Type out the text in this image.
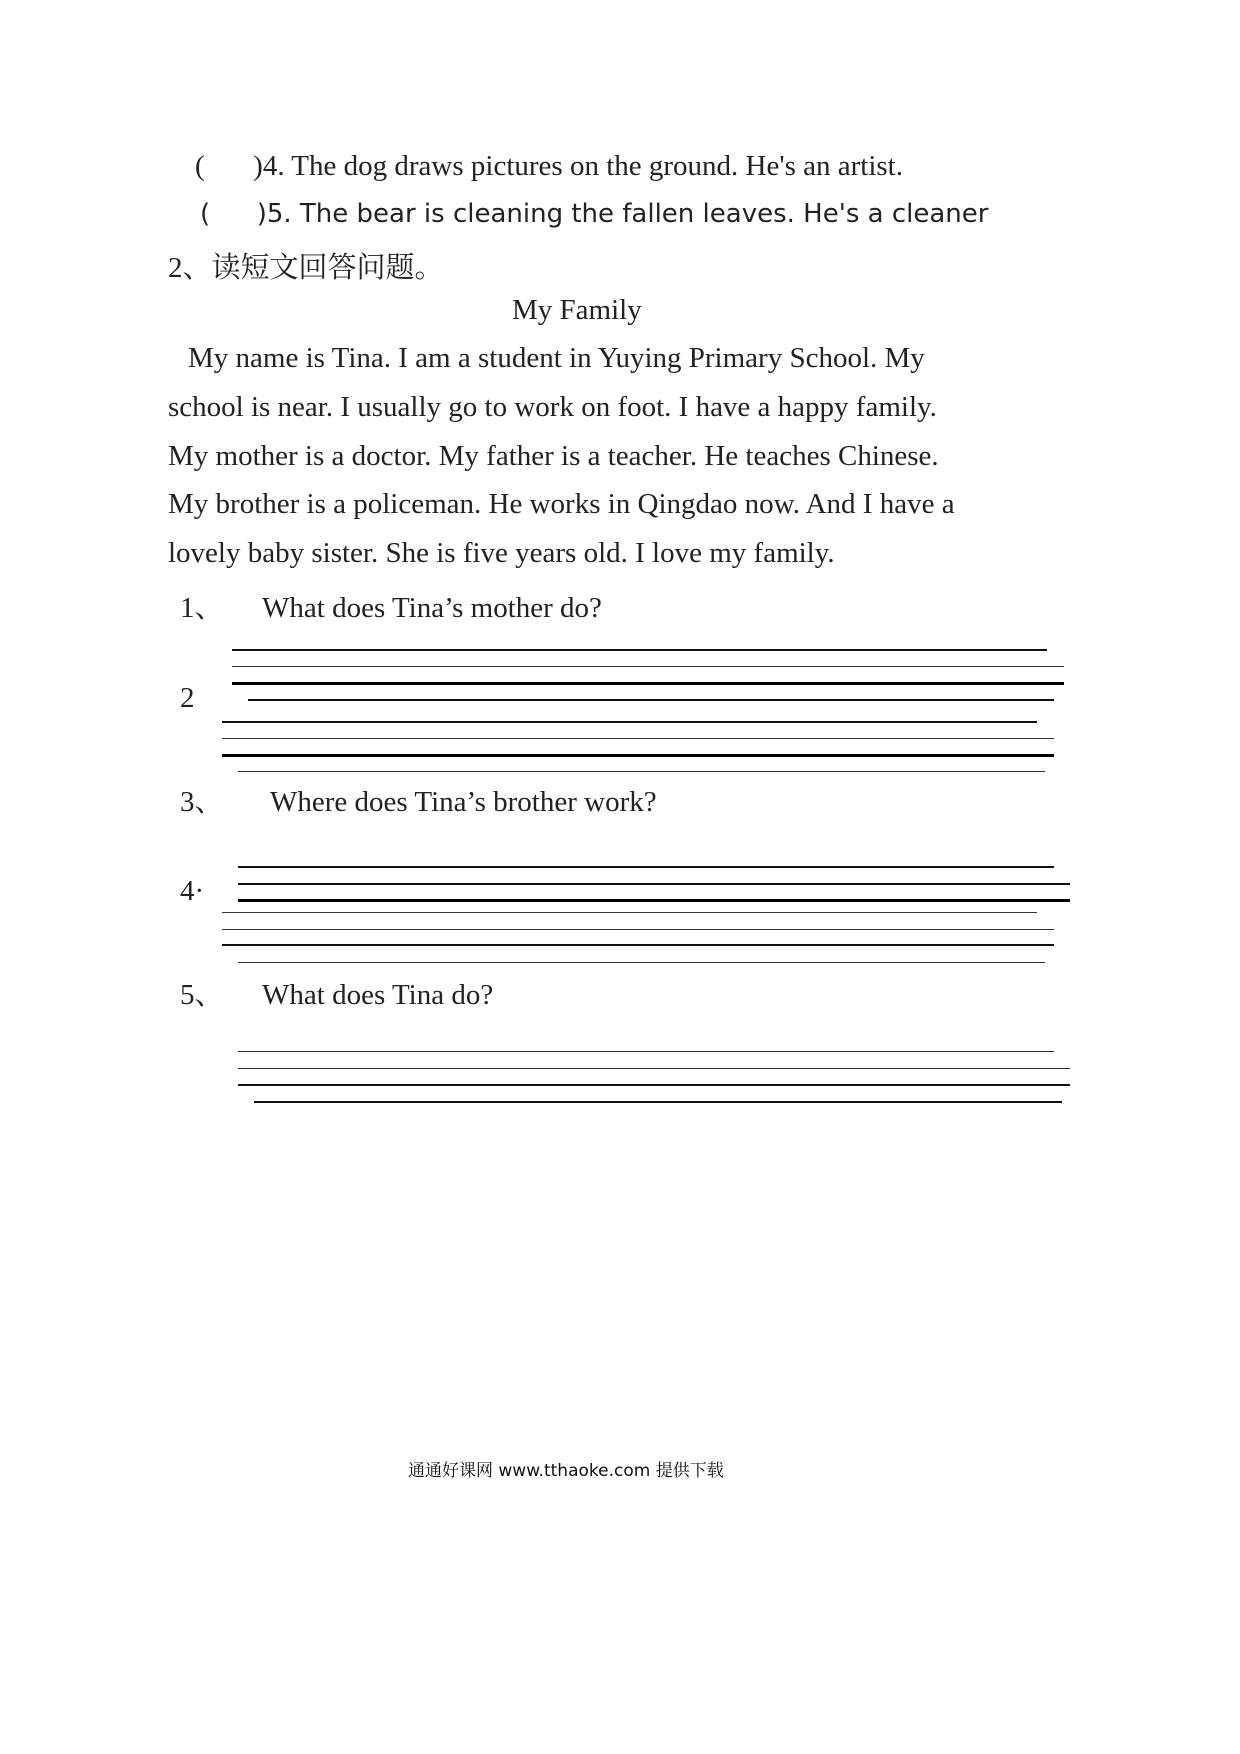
( )4. The dog draws pictures on the ground. He's an artist.
( )5. The bear is cleaning the fallen leaves. He's a cleaner
2、读短文回答问题。
My Family
My name is Tina. I am a student in Yuying Primary School. My
school is near. I usually go to work on foot. I have a happy family.
My mother is a doctor. My father is a teacher. He teaches Chinese.
My brother is a policeman. He works in Qingdao now. And I have a
lovely baby sister. She is five years old. I love my family.
1、 What does Tina’s mother do?
2
3、 Where does Tina’s brother work?
4·
5、 What does Tina do?
通通好课网 www.tthaoke.com 提供下载
